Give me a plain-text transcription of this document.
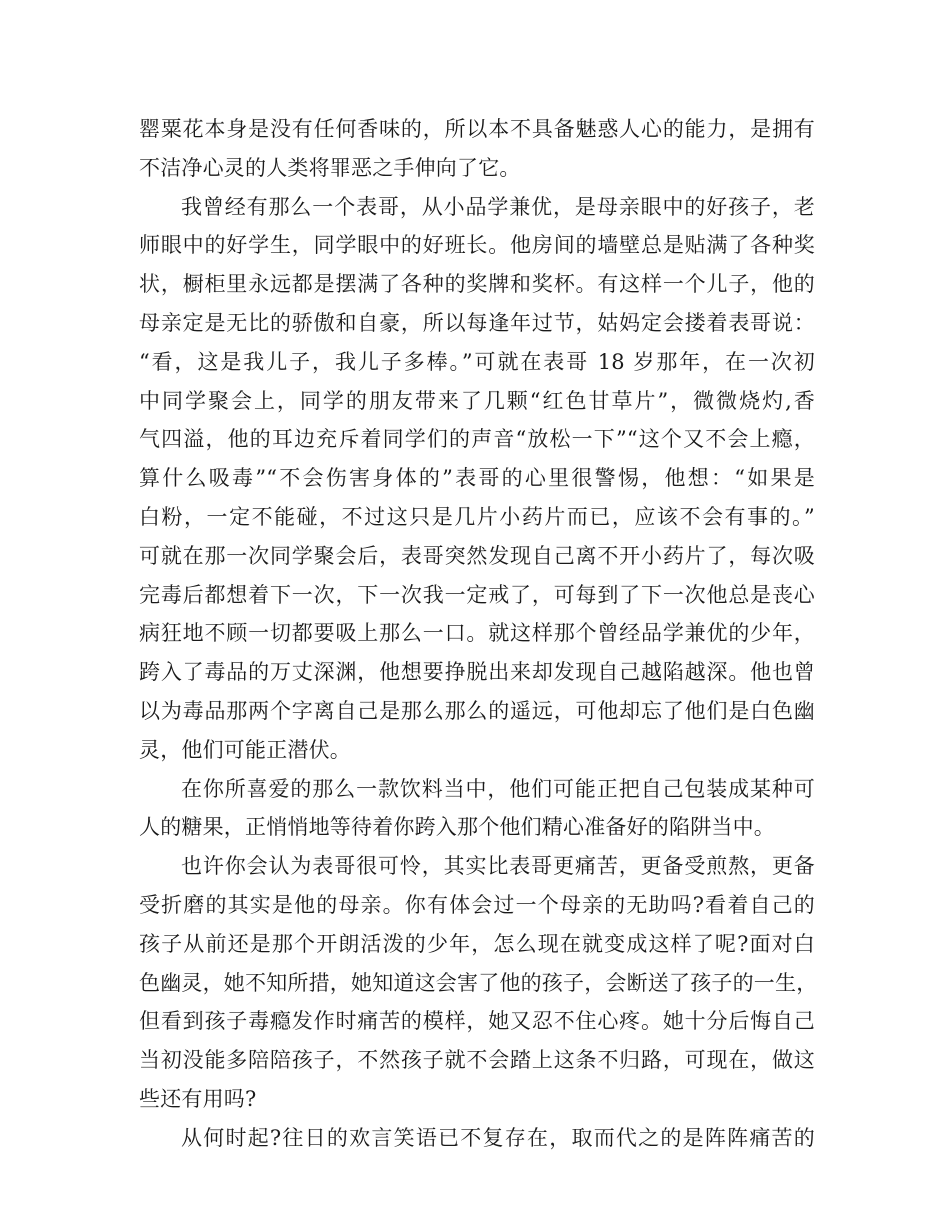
罂粟花本身是没有任何香味的，所以本不具备魅惑人心的能力，是拥有
不洁净心灵的人类将罪恶之手伸向了它。
我曾经有那么一个表哥，从小品学兼优，是母亲眼中的好孩子，老
师眼中的好学生，同学眼中的好班长。他房间的墙壁总是贴满了各种奖
状，橱柜里永远都是摆满了各种的奖牌和奖杯。有这样一个儿子，他的
母亲定是无比的骄傲和自豪，所以每逢年过节，姑妈定会搂着表哥说：
“看，这是我儿子，我儿子多棒。”可就在表哥 18 岁那年，在一次初
中同学聚会上，同学的朋友带来了几颗“红色甘草片”，微微烧灼,香
气四溢，他的耳边充斥着同学们的声音“放松一下”“这个又不会上瘾，
算什么吸毒”“不会伤害身体的”表哥的心里很警惕，他想：“如果是
白粉，一定不能碰，不过这只是几片小药片而已，应该不会有事的。”
可就在那一次同学聚会后，表哥突然发现自己离不开小药片了，每次吸
完毒后都想着下一次，下一次我一定戒了，可每到了下一次他总是丧心
病狂地不顾一切都要吸上那么一口。就这样那个曾经品学兼优的少年，
跨入了毒品的万丈深渊，他想要挣脱出来却发现自己越陷越深。他也曾
以为毒品那两个字离自己是那么那么的遥远，可他却忘了他们是白色幽
灵，他们可能正潜伏。
在你所喜爱的那么一款饮料当中，他们可能正把自己包装成某种可
人的糖果，正悄悄地等待着你跨入那个他们精心准备好的陷阱当中。
也许你会认为表哥很可怜，其实比表哥更痛苦，更备受煎熬，更备
受折磨的其实是他的母亲。你有体会过一个母亲的无助吗?看着自己的
孩子从前还是那个开朗活泼的少年，怎么现在就变成这样了呢?面对白
色幽灵，她不知所措，她知道这会害了他的孩子，会断送了孩子的一生，
但看到孩子毒瘾发作时痛苦的模样，她又忍不住心疼。她十分后悔自己
当初没能多陪陪孩子，不然孩子就不会踏上这条不归路，可现在，做这
些还有用吗?
从何时起?往日的欢言笑语已不复存在，取而代之的是阵阵痛苦的
